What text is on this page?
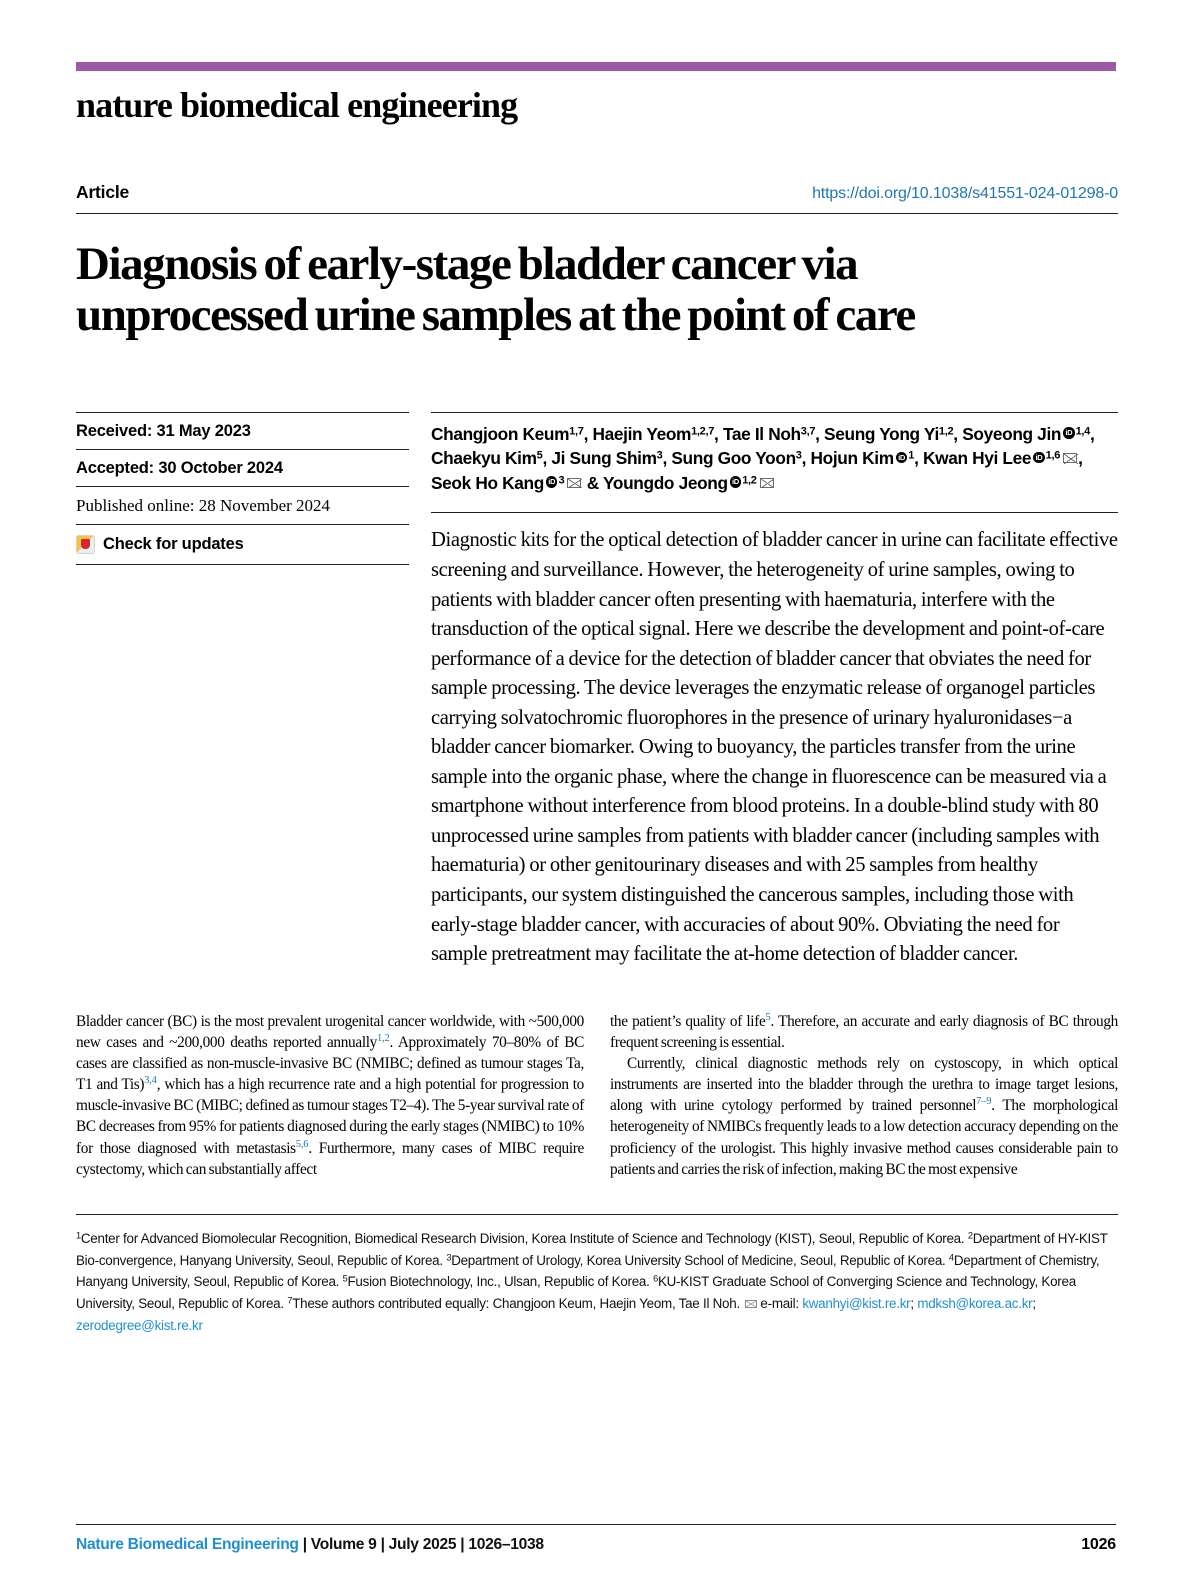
nature biomedical engineering
Article	https://doi.org/10.1038/s41551-024-01298-0
Diagnosis of early-stage bladder cancer via unprocessed urine samples at the point of care
Received: 31 May 2023
Accepted: 30 October 2024
Published online: 28 November 2024
Check for updates
Changjoon Keum$^{1,7}$, Haejin Yeom$^{1,2,7}$, Tae Il Noh$^{3,7}$, Seung Yong Yi$^{1,2}$, Soyeong Jin iD $^{1,4}$, Chaekyu Kim$^5$, Ji Sung Shim$^3$, Sung Goo Yoon$^3$, Hojun Kim iD $^1$, Kwan Hyi Lee iD $^{1,6}$ , Seok Ho Kang iD $^3$ & Youngdo Jeong iD $^{1,2}$
Diagnostic kits for the optical detection of bladder cancer in urine can facilitate effective screening and surveillance. However, the heterogeneity of urine samples, owing to patients with bladder cancer often presenting with haematuria, interfere with the transduction of the optical signal. Here we describe the development and point-of-care performance of a device for the detection of bladder cancer that obviates the need for sample processing. The device leverages the enzymatic release of organogel particles carrying solvatochromic fluorophores in the presence of urinary hyaluronidases−a bladder cancer biomarker. Owing to buoyancy, the particles transfer from the urine sample into the organic phase, where the change in fluorescence can be measured via a smartphone without interference from blood proteins. In a double-blind study with 80 unprocessed urine samples from patients with bladder cancer (including samples with haematuria) or other genitourinary diseases and with 25 samples from healthy participants, our system distinguished the cancerous samples, including those with early-stage bladder cancer, with accuracies of about 90%. Obviating the need for sample pretreatment may facilitate the at-home detection of bladder cancer.

Bladder cancer (BC) is the most prevalent urogenital cancer worldwide, with ~500,000 new cases and ~200,000 deaths reported annually$^{1,2}$. Approximately 70–80% of BC cases are classified as non-muscle-invasive BC (NMIBC; defined as tumour stages Ta, T1 and Tis)$^{3,4}$, which has a high recurrence rate and a high potential for progression to muscle-invasive BC (MIBC; defined as tumour stages T2–4). The 5-year survival rate of BC decreases from 95% for patients diagnosed during the early stages (NMIBC) to 10% for those diagnosed with metastasis$^{5,6}$. Furthermore, many cases of MIBC require cystectomy, which can substantially affect

the patient’s quality of life$^5$. Therefore, an accurate and early diagnosis of BC through frequent screening is essential.

Currently, clinical diagnostic methods rely on cystoscopy, in which optical instruments are inserted into the bladder through the urethra to image target lesions, along with urine cytology performed by trained personnel$^{7-9}$. The morphological heterogeneity of NMIBCs frequently leads to a low detection accuracy depending on the proficiency of the urologist. This highly invasive method causes considerable pain to patients and carries the risk of infection, making BC the most expensive

$^1$Center for Advanced Biomolecular Recognition, Biomedical Research Division, Korea Institute of Science and Technology (KIST), Seoul, Republic of Korea. $^2$Department of HY-KIST Bio-convergence, Hanyang University, Seoul, Republic of Korea. $^3$Department of Urology, Korea University School of Medicine, Seoul, Republic of Korea. $^4$Department of Chemistry, Hanyang University, Seoul, Republic of Korea. $^5$Fusion Biotechnology, Inc., Ulsan, Republic of Korea. $^6$KU-KIST Graduate School of Converging Science and Technology, Korea University, Seoul, Republic of Korea. $^7$These authors contributed equally: Changjoon Keum, Haejin Yeom, Tae Il Noh. e-mail: kwanhyi@kist.re.kr; mdksh@korea.ac.kr; zerodegree@kist.re.kr
Nature Biomedical Engineering | Volume 9 | July 2025 | 1026–1038	1026
